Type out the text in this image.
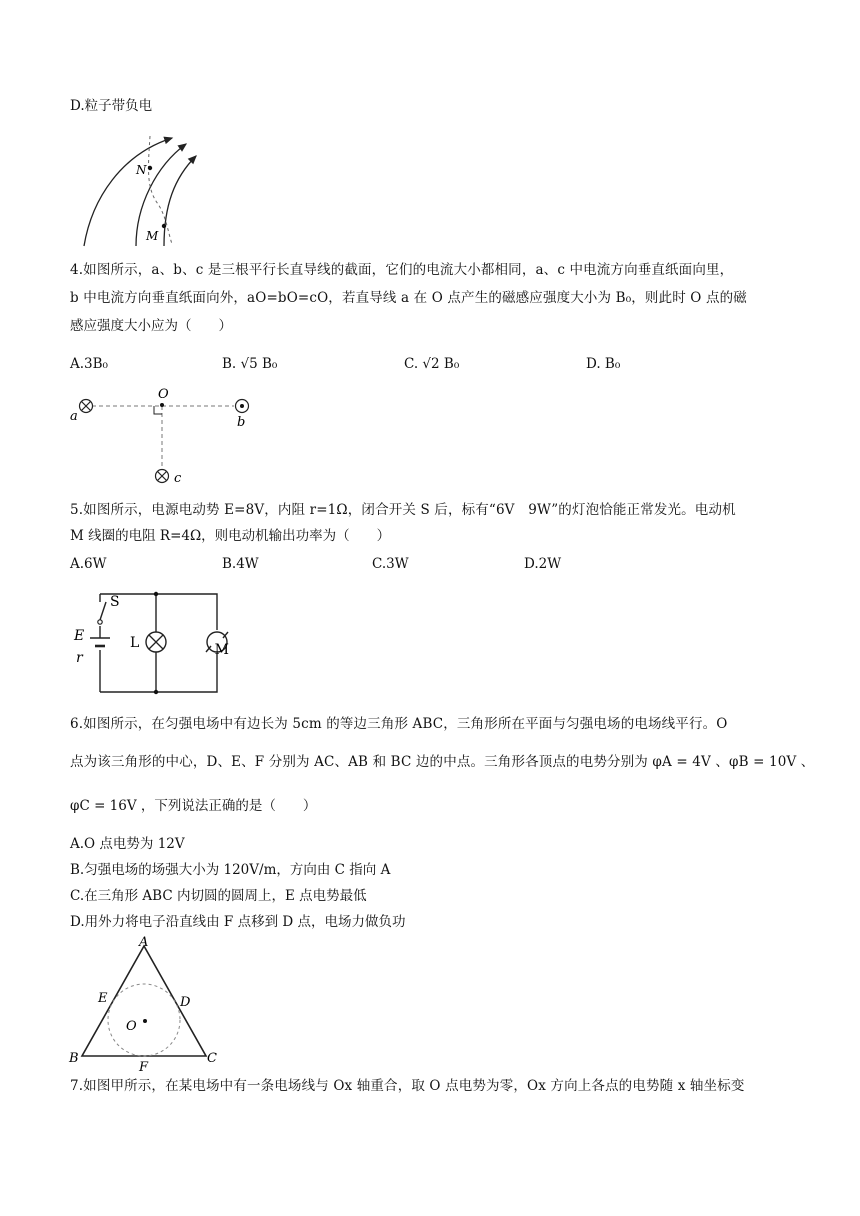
D.粒子带负电
N
M
4.如图所示，a、b、c 是三根平行长直导线的截面，它们的电流大小都相同，a、c 中电流方向垂直纸面向里，
b 中电流方向垂直纸面向外，aO=bO=cO，若直导线 a 在 O 点产生的磁感应强度大小为 B₀，则此时 O 点的磁
感应强度大小应为（　　）
A.3B₀	B. √5 B₀	C. √2 B₀	D. B₀
O
a	b
c
5.如图所示，电源电动势 E=8V，内阻 r=1Ω，闭合开关 S 后，标有“6V　9W”的灯泡恰能正常发光。电动机
M 线圈的电阻 R=4Ω，则电动机输出功率为（　　）
A.6W	B.4W	C.3W	D.2W
S
E
r
L	M
6.如图所示，在匀强电场中有边长为 5cm 的等边三角形 ABC，三角形所在平面与匀强电场的电场线平行。O
点为该三角形的中心，D、E、F 分别为 AC、AB 和 BC 边的中点。三角形各顶点的电势分别为 φA = 4V 、φB = 10V 、
φC = 16V ，下列说法正确的是（　　）
A.O 点电势为 12V
B.匀强电场的场强大小为 120V/m，方向由 C 指向 A
C.在三角形 ABC 内切圆的圆周上，E 点电势最低
D.用外力将电子沿直线由 F 点移到 D 点，电场力做负功
A
B	C
D
E
F
O
7.如图甲所示，在某电场中有一条电场线与 Ox 轴重合，取 O 点电势为零，Ox 方向上各点的电势随 x 轴坐标变
